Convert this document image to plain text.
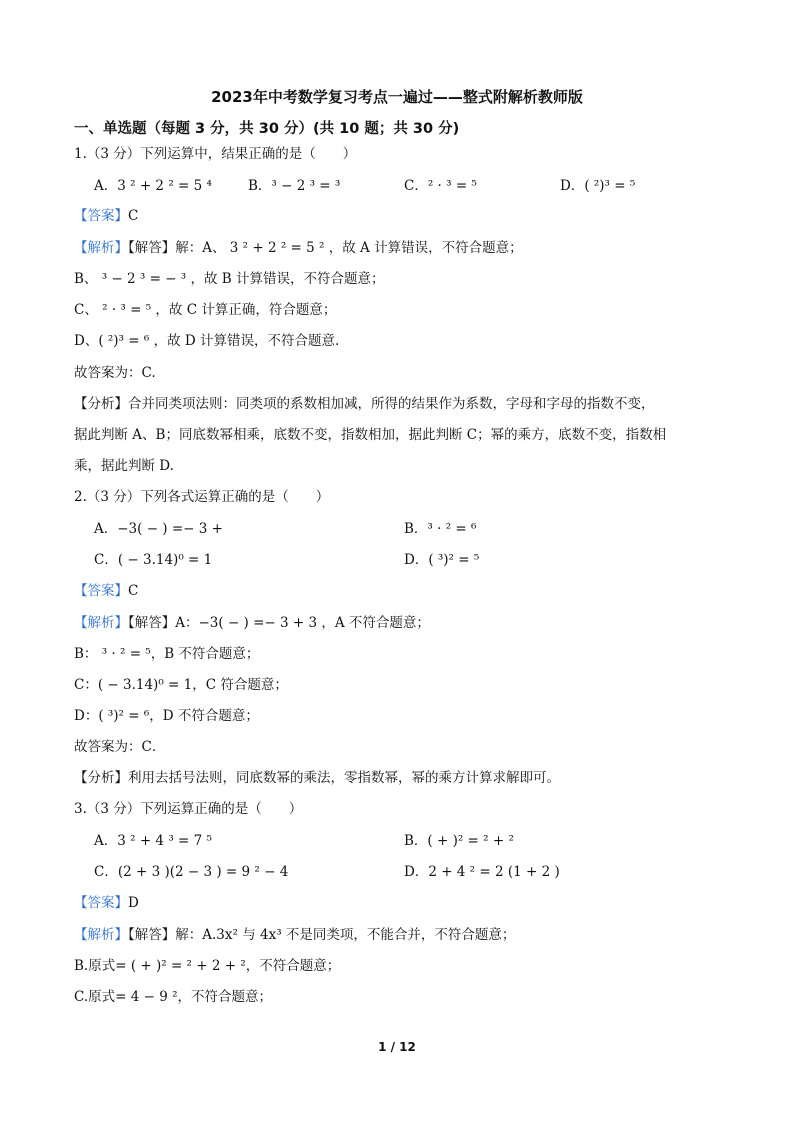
2023年中考数学复习考点一遍过——整式附解析教师版
一、单选题（每题 3 分，共 30 分）(共 10 题；共 30 分)
1.（3 分）下列运算中，结果正确的是（　　）
A．3 ² + 2 ² = 5 ⁴	B．³ − 2 ³ = ³	C．² · ³ = ⁵	D．( ²)³ = ⁵
【答案】C
【解析】【解答】解：A、 3 ² + 2 ² = 5 ² ，故 A 计算错误，不符合题意；
B、 ³ − 2 ³ = − ³ ，故 B 计算错误，不符合题意；
C、 ² · ³ = ⁵ ，故 C 计算正确，符合题意；
D、( ²)³ = ⁶ ，故 D 计算错误，不符合题意.
故答案为：C.
【分析】合并同类项法则：同类项的系数相加减，所得的结果作为系数，字母和字母的指数不变，
据此判断 A、B；同底数幂相乘，底数不变，指数相加，据此判断 C；幂的乘方，底数不变，指数相
乘，据此判断 D.
2.（3 分）下列各式运算正确的是（　　）
A．−3( − ) =− 3 +	B．³ · ² = ⁶
C．( − 3.14)⁰ = 1	D．( ³)² = ⁵
【答案】C
【解析】【解答】A：−3( − ) =− 3 + 3 ，A 不符合题意；
B： ³ · ² = ⁵，B 不符合题意；
C：( − 3.14)⁰ = 1，C 符合题意；
D：( ³)² = ⁶，D 不符合题意；
故答案为：C．
【分析】利用去括号法则，同底数幂的乘法，零指数幂，幂的乘方计算求解即可。
3.（3 分）下列运算正确的是（　　）
A．3 ² + 4 ³ = 7 ⁵	B．( + )² = ² + ²
C．(2 + 3 )(2 − 3 ) = 9 ² − 4	D．2 + 4 ² = 2 (1 + 2 )
【答案】D
【解析】【解答】解：A.3x² 与 4x³ 不是同类项，不能合并，不符合题意；
B.原式= ( + )² = ² + 2 + ²，不符合题意；
C.原式= 4 − 9 ²，不符合题意；
1 / 12
